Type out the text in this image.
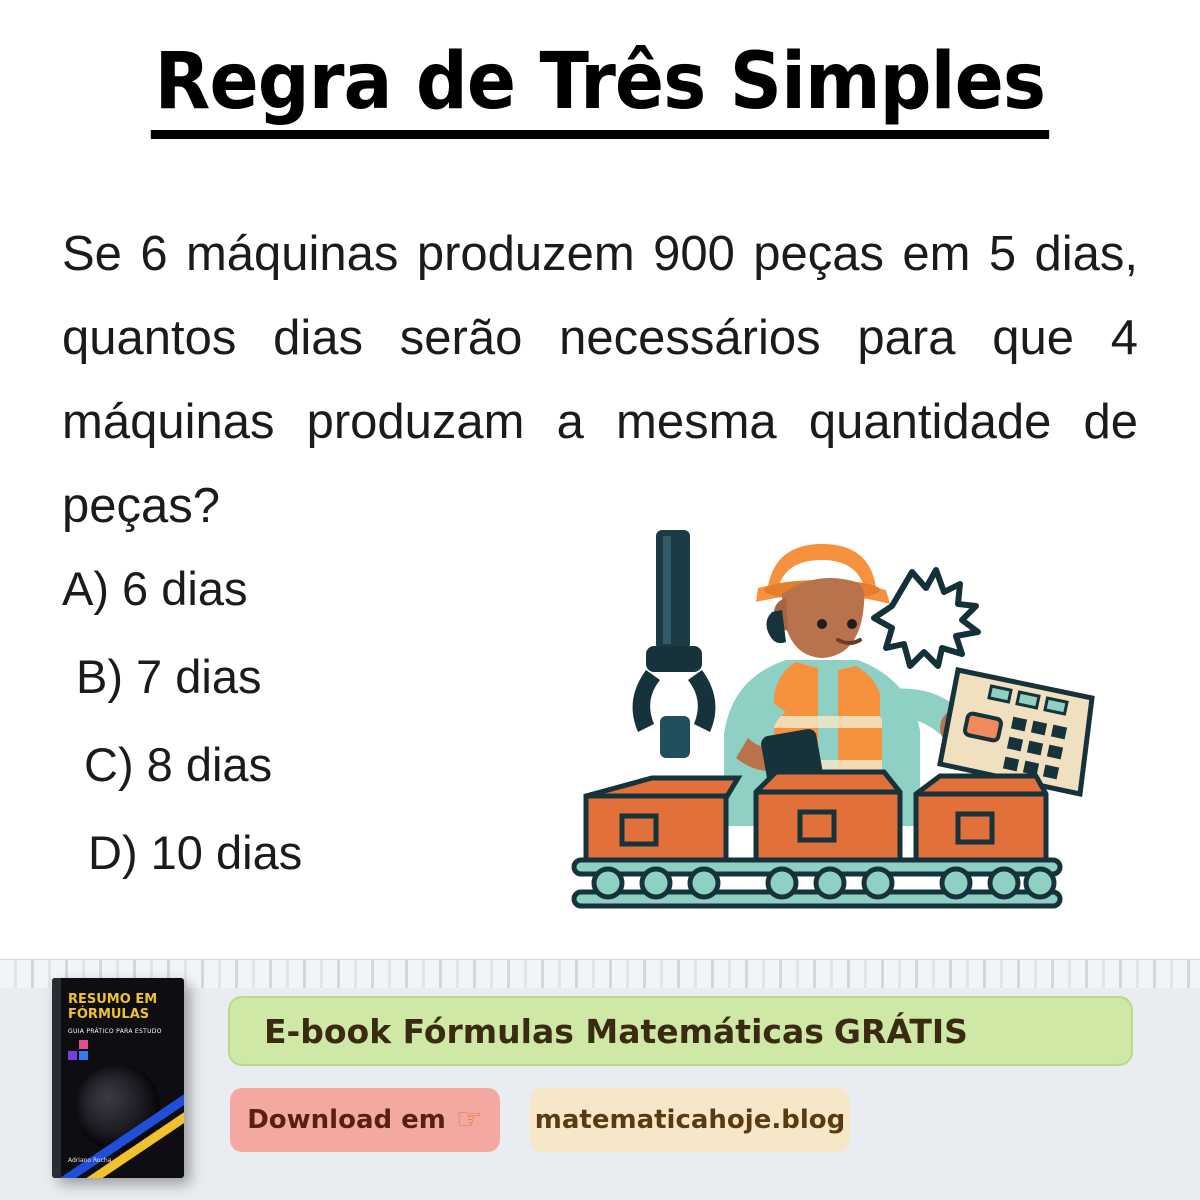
Regra de Três Simples
Se 6 máquinas produzem 900 peças em 5 dias, quantos dias serão necessários para que 4 máquinas produzam a mesma quantidade de peças?
A) 6 dias
B) 7 dias
C) 8 dias
D) 10 dias
RESUMO EM
FÓRMULAS
GUIA PRÁTICO PARA ESTUDO
Adriano Rocha
E-book Fórmulas Matemáticas GRÁTIS
Download em ☞ matematicahoje.blog
